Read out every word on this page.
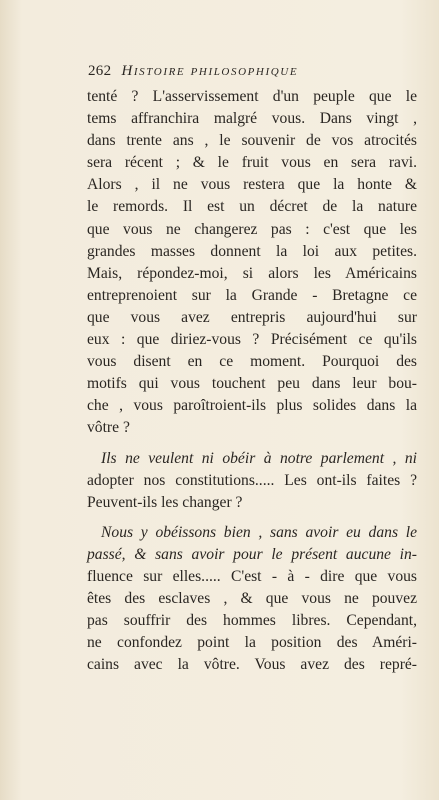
262 Histoire philosophique
tenté ? L'asservissement d'un peuple que le
tems affranchira malgré vous. Dans vingt ,
dans trente ans , le souvenir de vos atrocités
sera récent ; & le fruit vous en sera ravi.
Alors , il ne vous restera que la honte &
le remords. Il est un décret de la nature
que vous ne changerez pas : c'est que les
grandes masses donnent la loi aux petites.
Mais, répondez-moi, si alors les Américains
entreprenoient sur la Grande - Bretagne ce
que vous avez entrepris aujourd'hui sur
eux : que diriez-vous ? Précisément ce qu'ils
vous disent en ce moment. Pourquoi des
motifs qui vous touchent peu dans leur bou-
che , vous paroîtroient-ils plus solides dans la
vôtre ?
Ils ne veulent ni obéir à notre parlement , ni
adopter nos constitutions..... Les ont-ils faites ?
Peuvent-ils les changer ?
Nous y obéissons bien , sans avoir eu dans le
passé, & sans avoir pour le présent aucune in-
fluence sur elles..... C'est - à - dire que vous
êtes des esclaves , & que vous ne pouvez
pas souffrir des hommes libres. Cependant,
ne confondez point la position des Améri-
cains avec la vôtre. Vous avez des repré-
